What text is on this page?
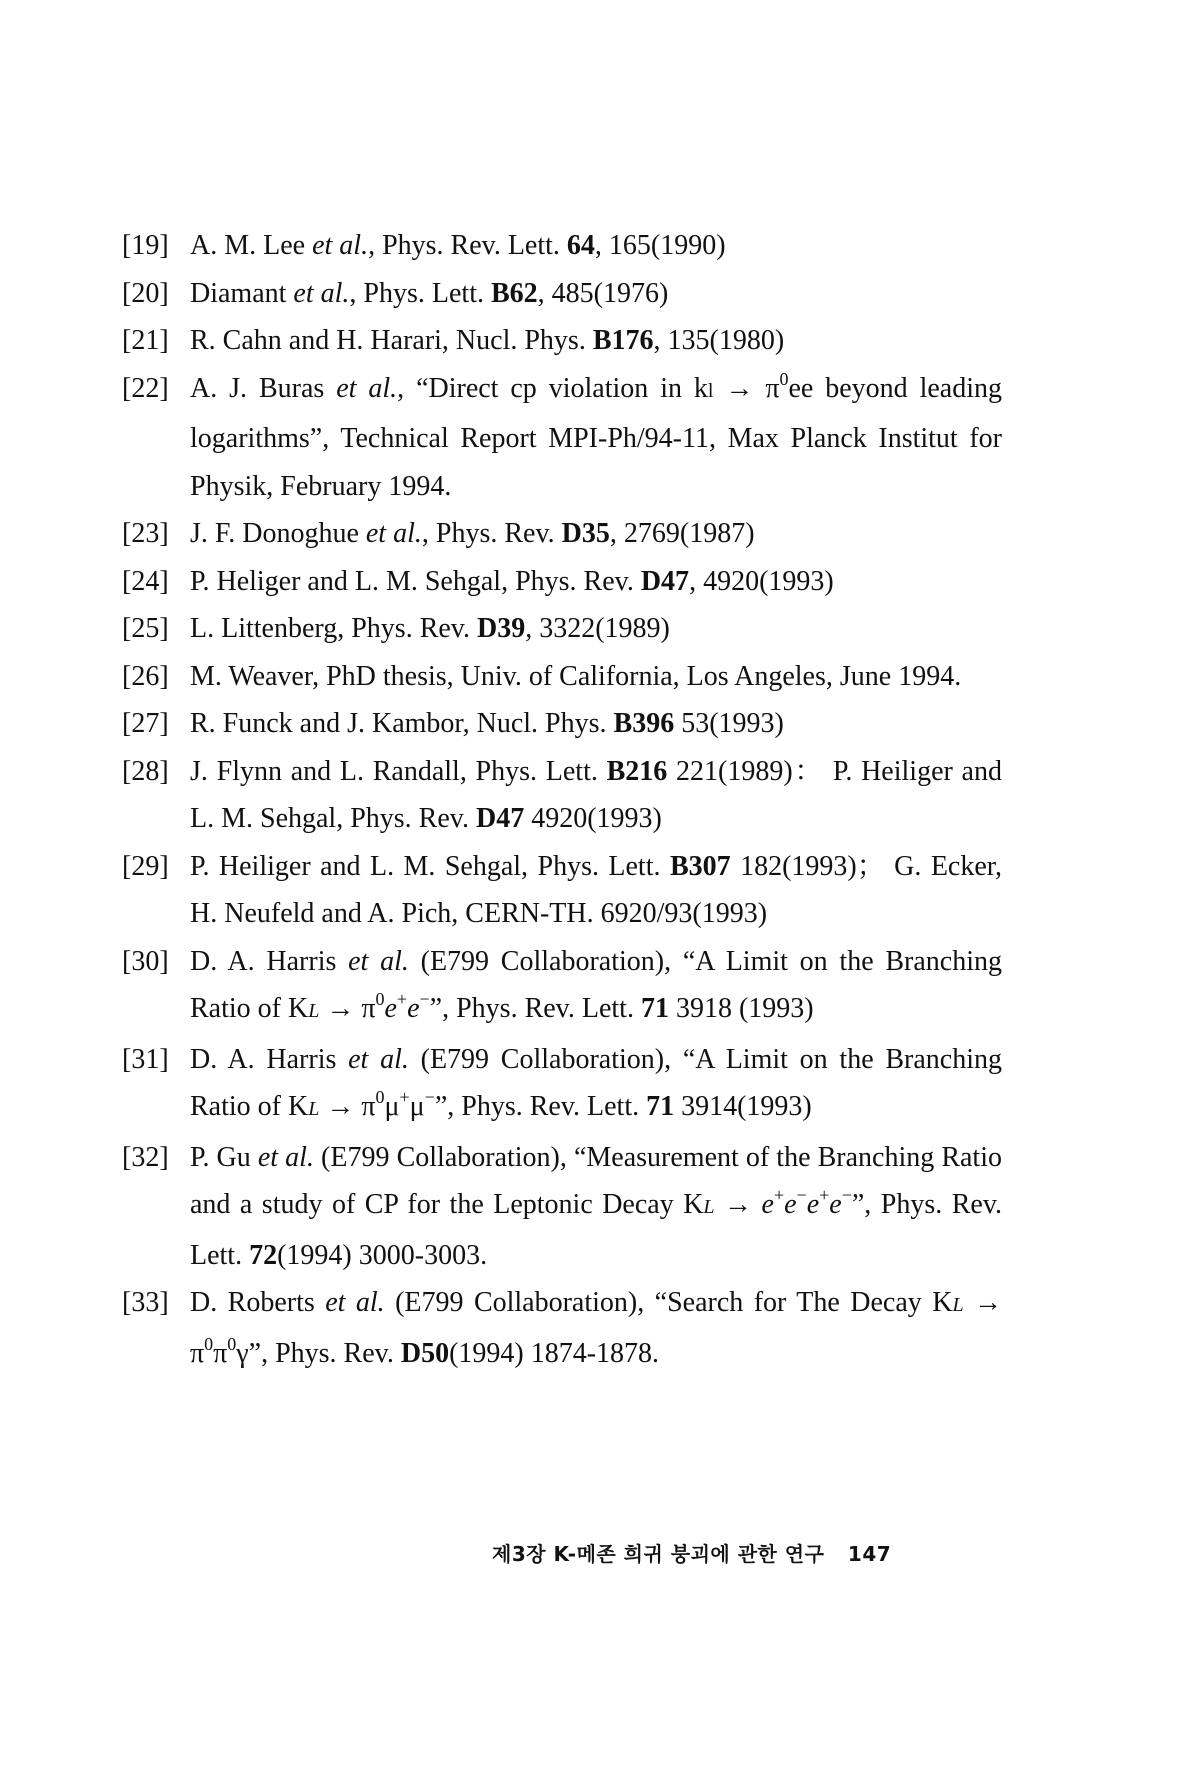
[19] A. M. Lee et al., Phys. Rev. Lett. 64, 165(1990)
[20] Diamant et al., Phys. Lett. B62, 485(1976)
[21] R. Cahn and H. Harari, Nucl. Phys. B176, 135(1980)
[22] A. J. Buras et al., “Direct cp violation in kl → $\pi^0ee$ beyond leading logarithms”, Technical Report MPI-Ph/94-11, Max Planck Institut for Physik, February 1994.
[23] J. F. Donoghue et al., Phys. Rev. D35, 2769(1987)
[24] P. Heliger and L. M. Sehgal, Phys. Rev. D47, 4920(1993)
[25] L. Littenberg, Phys. Rev. D39, 3322(1989)
[26] M. Weaver, PhD thesis, Univ. of California, Los Angeles, June 1994.
[27] R. Funck and J. Kambor, Nucl. Phys. B396 53(1993)
[28] J. Flynn and L. Randall, Phys. Lett. B216 221(1989)： P. Heiliger and L. M. Sehgal, Phys. Rev. D47 4920(1993)
[29] P. Heiliger and L. M. Sehgal, Phys. Lett. B307 182(1993)； G. Ecker, H. Neufeld and A. Pich, CERN-TH. 6920/93(1993)
[30] D. A. Harris et al. (E799 Collaboration), “A Limit on the Branching Ratio of KL → $\pi^0e^+e^-$”, Phys. Rev. Lett. 71 3918 (1993)
[31] D. A. Harris et al. (E799 Collaboration), “A Limit on the Branching Ratio of KL → $\pi^0\mu^+\mu^-$”, Phys. Rev. Lett. 71 3914(1993)
[32] P. Gu et al. (E799 Collaboration), “Measurement of the Branching Ratio and a study of CP for the Leptonic Decay KL → e+e−e+e−”, Phys. Rev. Lett. 72(1994) 3000-3003.
[33] D. Roberts et al. (E799 Collaboration), “Search for The Decay KL → $\pi^0\pi^0\gamma$”, Phys. Rev. D50(1994) 1874-1878.
제3장 K-메존 희귀 붕괴에 관한 연구 147
